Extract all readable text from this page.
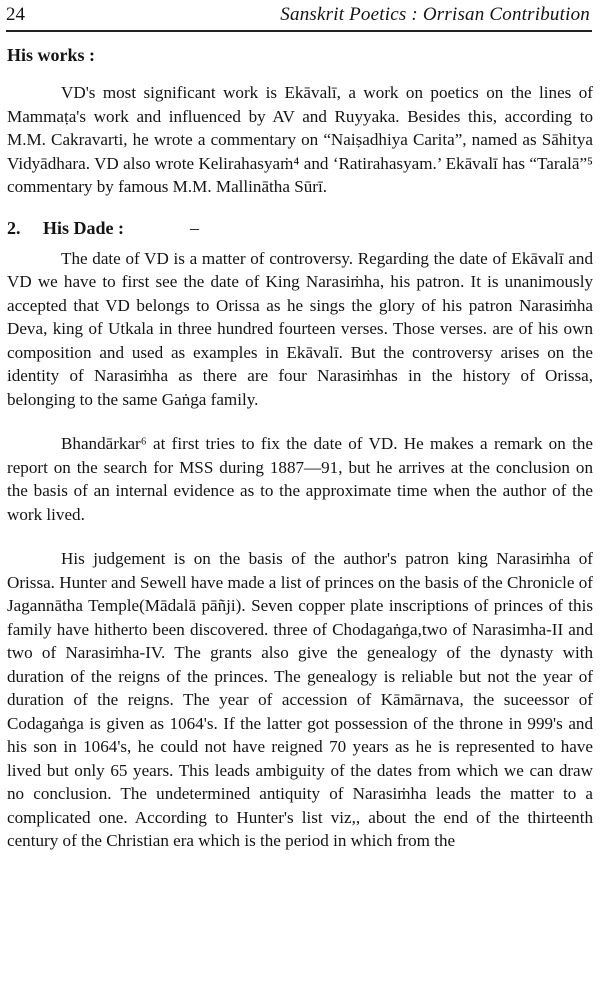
24	Sanskrit Poetics : Orrisan Contribution
His works :

VD's most significant work is Ekāvalī, a work on poetics on the lines of Mammaṭa's work and influenced by AV and Ruyyaka. Besides this, according to M.M. Cakravarti, he wrote a commentary on “Naiṣadhiya Carita”, named as Sāhitya Vidyādhara. VD also wrote Kelirahasyaṁ⁴ and ‘Ratirahasyam.’ Ekāvalī has “Taralā”⁵ commentary by famous M.M. Mallinātha Sūrī.

2. His Dade :	–

The date of VD is a matter of controversy. Regarding the date of Ekāvalī and VD we have to first see the date of King Narasiṁha, his patron. It is unanimously accepted that VD belongs to Orissa as he sings the glory of his patron Narasiṁha Deva, king of Utkala in three hundred fourteen verses. Those verses. are of his own composition and used as examples in Ekāvalī. But the controversy arises on the identity of Narasiṁha as there are four Narasiṁhas in the history of Orissa, belonging to the same Gaṅga family.

Bhandārkar⁶ at first tries to fix the date of VD. He makes a remark on the report on the search for MSS during 1887—91, but he arrives at the conclusion on the basis of an internal evidence as to the approximate time when the author of the work lived.

His judgement is on the basis of the author's patron king Narasiṁha of Orissa. Hunter and Sewell have made a list of princes on the basis of the Chronicle of Jagannātha Temple(Mādalā pāñji). Seven copper plate inscriptions of princes of this family have hitherto been discovered. three of Chodagaṅga,two of Narasimha-II and two of Narasiṁha-IV. The grants also give the genealogy of the dynasty with duration of the reigns of the princes. The genealogy is reliable but not the year of duration of the reigns. The year of accession of Kāmārnava, the suceessor of Codagaṅga is given as 1064's. If the latter got possession of the throne in 999's and his son in 1064's, he could not have reigned 70 years as he is represented to have lived but only 65 years. This leads ambiguity of the dates from which we can draw no conclusion. The undetermined antiquity of Narasiṁha leads the matter to a complicated one. According to Hunter's list viz,, about the end of the thirteenth century of the Christian era which is the period in which from the
